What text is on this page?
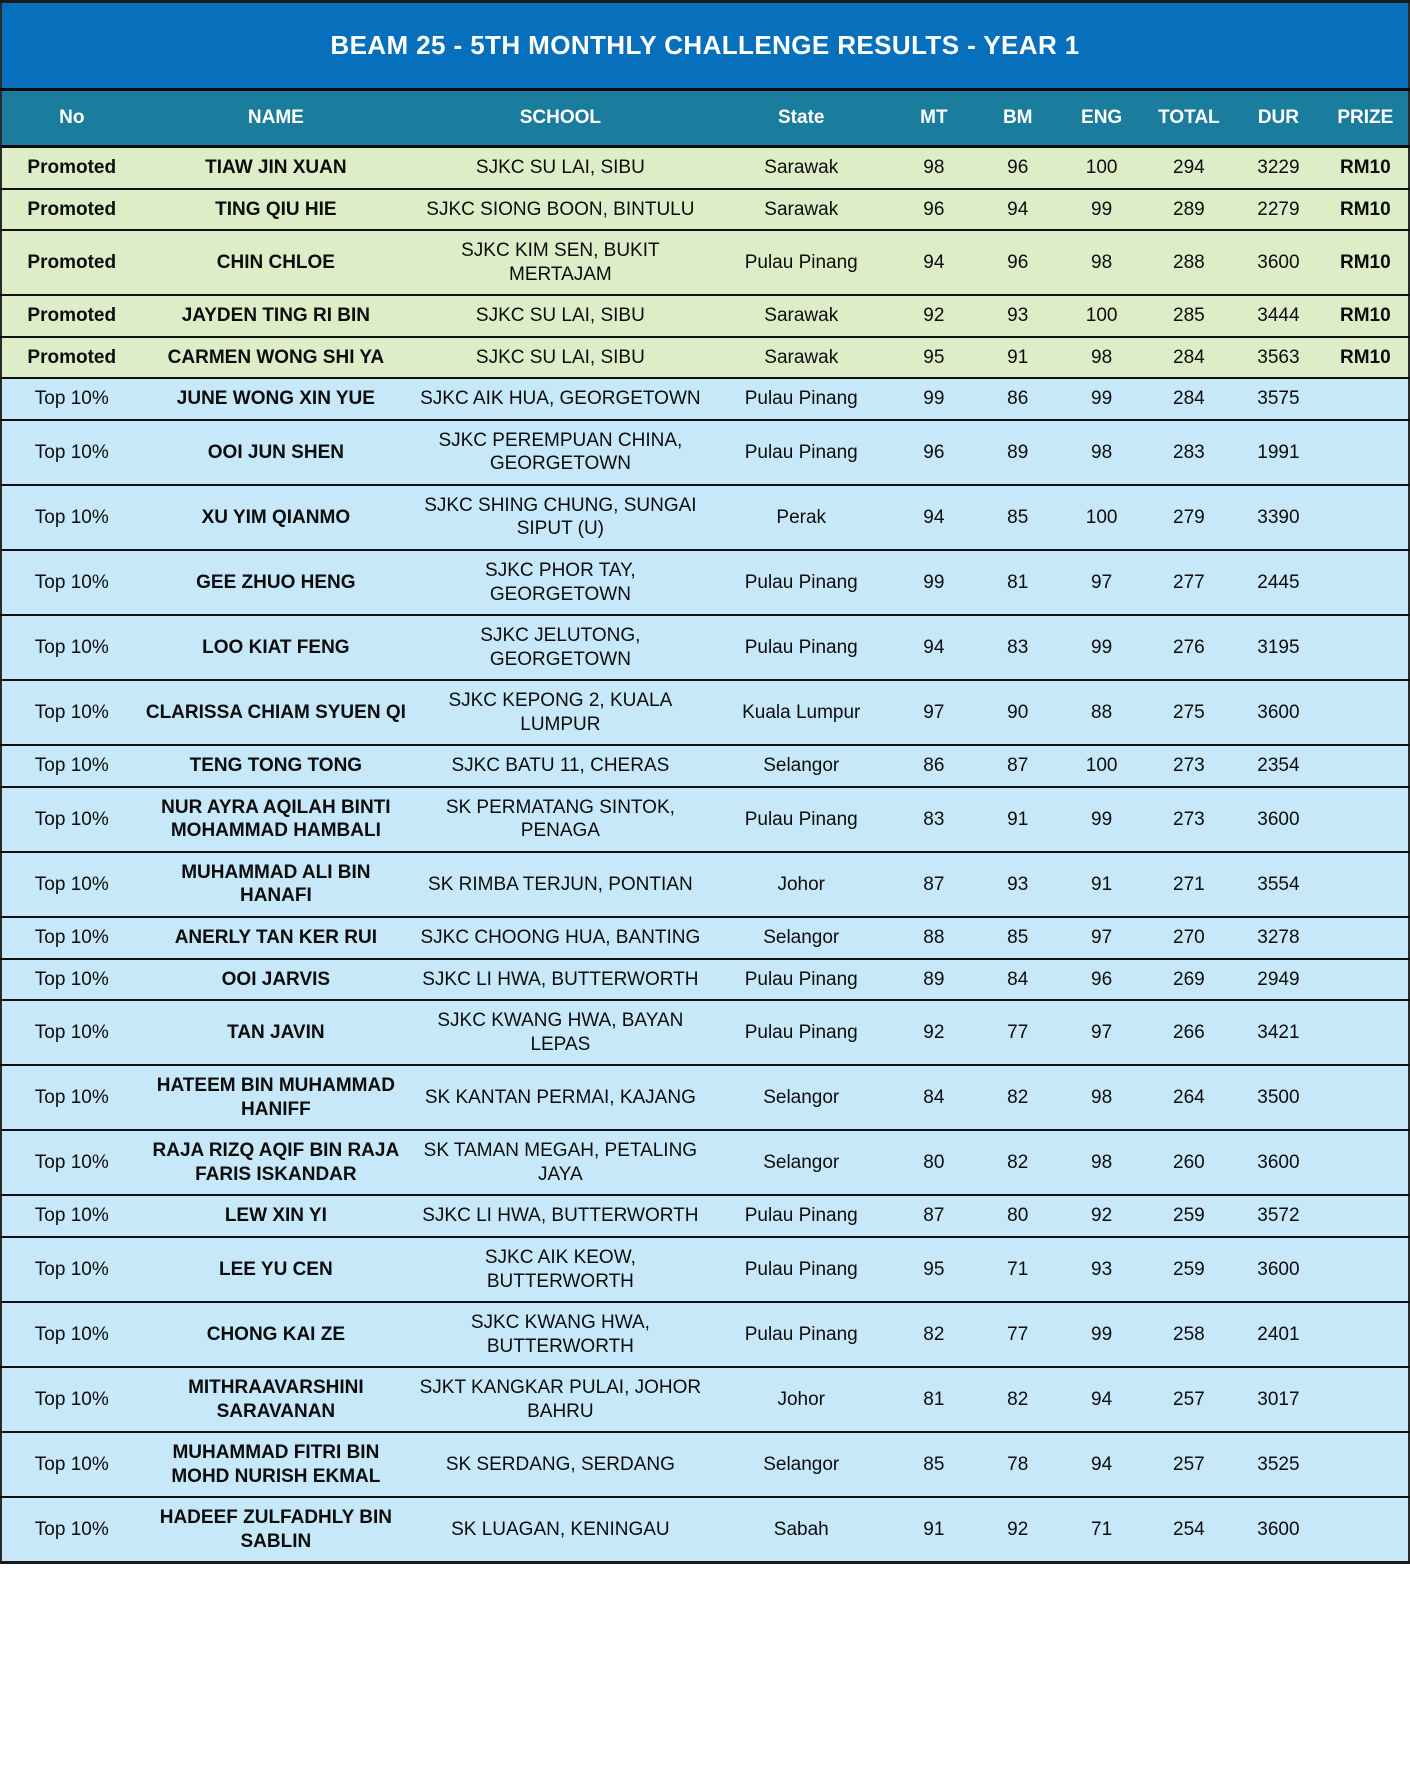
BEAM 25 - 5TH MONTHLY CHALLENGE RESULTS - YEAR 1									
No	NAME	SCHOOL	State	MT	BM	ENG	TOTAL	DUR	PRIZE
Promoted	TIAW JIN XUAN	SJKC SU LAI, SIBU	Sarawak	98	96	100	294	3229	RM10
Promoted	TING QIU HIE	SJKC SIONG BOON, BINTULU	Sarawak	96	94	99	289	2279	RM10
Promoted	CHIN CHLOE	SJKC KIM SEN, BUKIT MERTAJAM	Pulau Pinang	94	96	98	288	3600	RM10
Promoted	JAYDEN TING RI BIN	SJKC SU LAI, SIBU	Sarawak	92	93	100	285	3444	RM10
Promoted	CARMEN WONG SHI YA	SJKC SU LAI, SIBU	Sarawak	95	91	98	284	3563	RM10
Top 10%	JUNE WONG XIN YUE	SJKC AIK HUA, GEORGETOWN	Pulau Pinang	99	86	99	284	3575	
Top 10%	OOI JUN SHEN	SJKC PEREMPUAN CHINA, GEORGETOWN	Pulau Pinang	96	89	98	283	1991	
Top 10%	XU YIM QIANMO	SJKC SHING CHUNG, SUNGAI SIPUT (U)	Perak	94	85	100	279	3390	
Top 10%	GEE ZHUO HENG	SJKC PHOR TAY, GEORGETOWN	Pulau Pinang	99	81	97	277	2445	
Top 10%	LOO KIAT FENG	SJKC JELUTONG, GEORGETOWN	Pulau Pinang	94	83	99	276	3195	
Top 10%	CLARISSA CHIAM SYUEN QI	SJKC KEPONG 2, KUALA LUMPUR	Kuala Lumpur	97	90	88	275	3600	
Top 10%	TENG TONG TONG	SJKC BATU 11, CHERAS	Selangor	86	87	100	273	2354	
Top 10%	NUR AYRA AQILAH BINTI MOHAMMAD HAMBALI	SK PERMATANG SINTOK, PENAGA	Pulau Pinang	83	91	99	273	3600	
Top 10%	MUHAMMAD ALI BIN HANAFI	SK RIMBA TERJUN, PONTIAN	Johor	87	93	91	271	3554	
Top 10%	ANERLY TAN KER RUI	SJKC CHOONG HUA, BANTING	Selangor	88	85	97	270	3278	
Top 10%	OOI JARVIS	SJKC LI HWA, BUTTERWORTH	Pulau Pinang	89	84	96	269	2949	
Top 10%	TAN JAVIN	SJKC KWANG HWA, BAYAN LEPAS	Pulau Pinang	92	77	97	266	3421	
Top 10%	HATEEM BIN MUHAMMAD HANIFF	SK KANTAN PERMAI, KAJANG	Selangor	84	82	98	264	3500	
Top 10%	RAJA RIZQ AQIF BIN RAJA FARIS ISKANDAR	SK TAMAN MEGAH, PETALING JAYA	Selangor	80	82	98	260	3600	
Top 10%	LEW XIN YI	SJKC LI HWA, BUTTERWORTH	Pulau Pinang	87	80	92	259	3572	
Top 10%	LEE YU CEN	SJKC AIK KEOW, BUTTERWORTH	Pulau Pinang	95	71	93	259	3600	
Top 10%	CHONG KAI ZE	SJKC KWANG HWA, BUTTERWORTH	Pulau Pinang	82	77	99	258	2401	
Top 10%	MITHRAAVARSHINI SARAVANAN	SJKT KANGKAR PULAI, JOHOR BAHRU	Johor	81	82	94	257	3017	
Top 10%	MUHAMMAD FITRI BIN MOHD NURISH EKMAL	SK SERDANG, SERDANG	Selangor	85	78	94	257	3525	
Top 10%	HADEEF ZULFADHLY BIN SABLIN	SK LUAGAN, KENINGAU	Sabah	91	92	71	254	3600	
